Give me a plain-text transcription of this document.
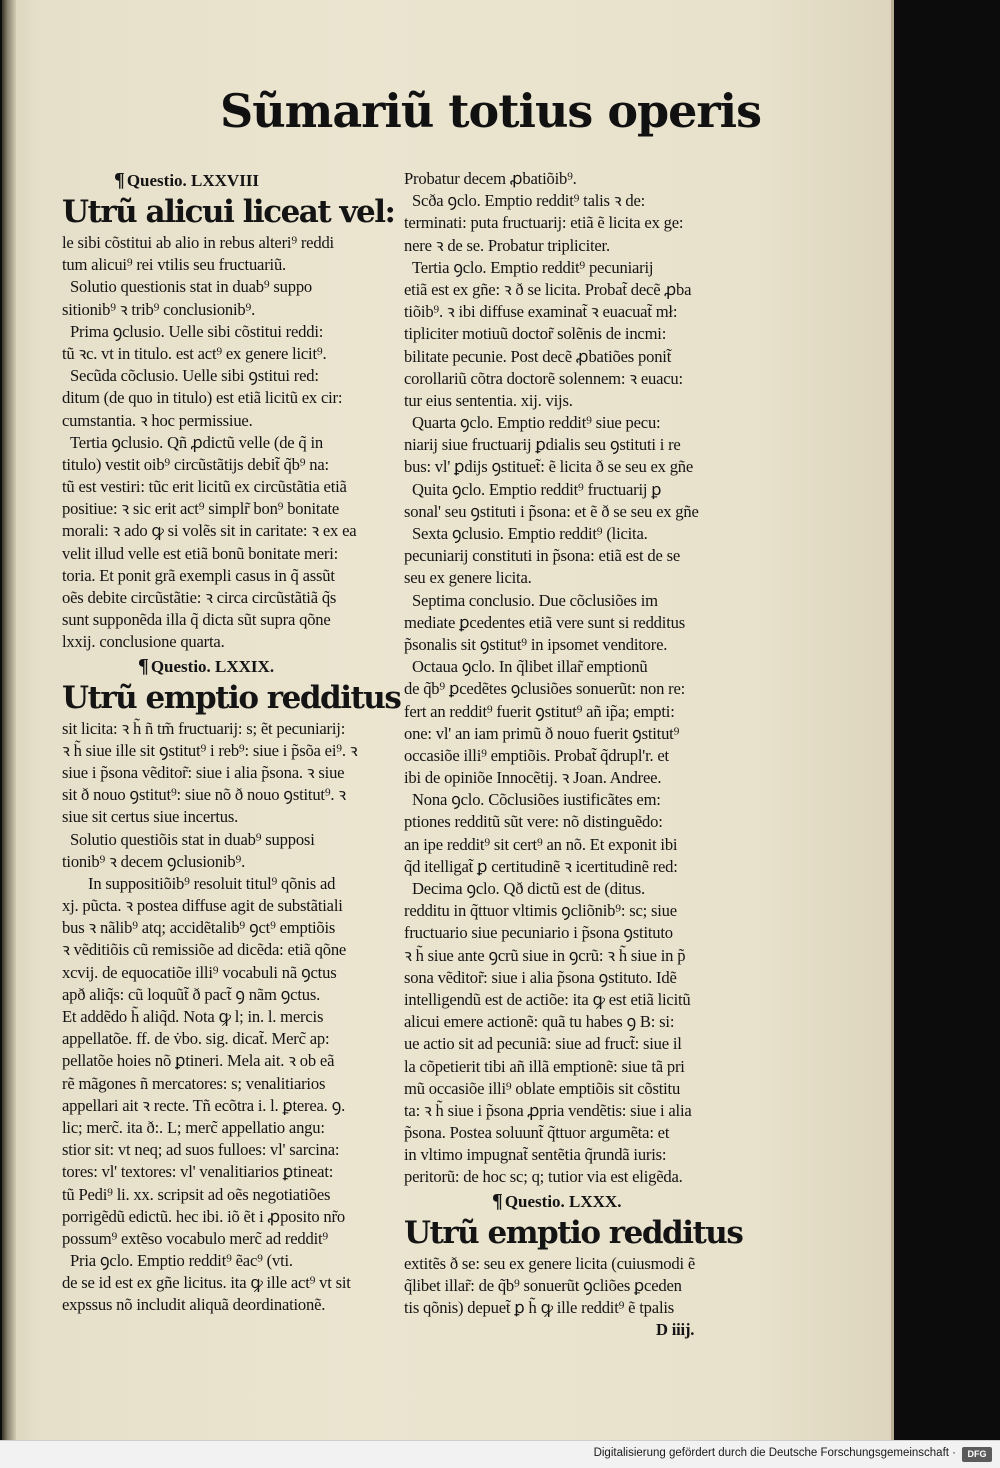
Sũmariũ totius operis
¶ Questio. LXXVIII
Utrũ alicui liceat vel:
le sibi cõstitui ab alio in rebus alteri⁹ reddi
tum alicui⁹ rei vtilis seu fructuariũ.
Solutio questionis stat in duab⁹ suppo
sitionib⁹ ꝛ trib⁹ conclusionib⁹.
Prima ꝯclusio. Uelle sibi cõstitui reddi:
tũ ꝛc. vt in titulo. est act⁹ ex genere licit⁹.
Secũda cõclusio. Uelle sibi ꝯstitui red:
ditum (de quo in titulo) est etiã licitũ ex cir:
cumstantia. ꝛ hoc permissiue.
Tertia ꝯclusio. Qñ ꝓdictũ velle (de q̃ in
titulo) vestit oib⁹ circũstãtijs debit̃ q̃b⁹ na:
tũ est vestiri: tũc erit licitũ ex circũstãtia etiã
positiue: ꝛ sic erit act⁹ simplr̃ bon⁹ bonitate
morali: ꝛ ado ꝙ si volẽs sit in caritate: ꝛ ex ea
velit illud velle est etiã bonũ bonitate meri:
toria. Et ponit grã exempli casus in q̃ assũt
oẽs debite circũstãtie: ꝛ circa circũstãtiã q̃s
sunt supponẽda illa q̃ dicta sũt supra qõne
lxxij. conclusione quarta.
¶ Questio. LXXIX.
Utrũ emptio redditus
sit licita: ꝛ h̃ ñ tm̃ fructuarij: s; ẽt pecuniarij:
ꝛ h̃ siue ille sit ꝯstitut⁹ i reb⁹: siue i p̃sõa ei⁹. ꝛ
siue i p̃sona vẽditor̃: siue i alia p̃sona. ꝛ siue
sit ð nouo ꝯstitut⁹: siue nõ ð nouo ꝯstitut⁹. ꝛ
siue sit certus siue incertus.
Solutio questiõis stat in duab⁹ supposi
tionib⁹ ꝛ decem ꝯclusionib⁹.
In suppositiõib⁹ resoluit titul⁹ qõnis ad
xj. pũcta. ꝛ postea diffuse agit de substãtiali
bus ꝛ nãlib⁹ atq; accidẽtalib⁹ ꝯct⁹ emptiõis
ꝛ vẽditiõis cũ remissiõe ad dicẽda: etiã qõne
xcvij. de equocatiõe illi⁹ vocabuli nã ꝯctus
apð aliq̃s: cũ loquũt̃ ð pact̃ ꝯ nãm ꝯctus.
Et addẽdo h̃ aliq̃d. Nota ꝙ l; in. l. mercis
appellatõe. ff. de v̇bo. sig. dicat̃. Merc̃ ap:
pellatõe hoies nõ ꝑtineri. Mela ait. ꝛ ob eã
rẽ mãgones ñ mercatores: s; venalitiarios
appellari ait ꝛ recte. Tñ ecõtra i. l. ꝑterea. ꝯ.
lic; merc̃. ita ð:. L; merc̃ appellatio angu:
stior sit: vt neq; ad suos fulloes: vl' sarcina:
tores: vl' textores: vl' venalitiarios ꝑtineat:
tũ Pedi⁹ li. xx. scripsit ad oẽs negotiatiões
porrigẽdũ edictũ. hec ibi. iõ ẽt i ꝓposito nr̃o
possum⁹ extẽso vocabulo merc̃ ad reddit⁹
Pria ꝯclo. Emptio reddit⁹ ẽac⁹ (vti.
de se id est ex gñe licitus. ita ꝙ ille act⁹ vt sit
expssus nõ includit aliquã deordinationẽ.
Probatur decem ꝓbatiõib⁹.
Scða ꝯclo. Emptio reddit⁹ talis ꝛ de:
terminati: puta fructuarij: etiã ẽ licita ex ge:
nere ꝛ de se. Probatur tripliciter.
Tertia ꝯclo. Emptio reddit⁹ pecuniarij
etiã est ex gñe: ꝛ ð se licita. Probat̃ decẽ ꝓba
tiõib⁹. ꝛ ibi diffuse examinat̃ ꝛ euacuat̃ mł:
tipliciter motiuũ doctor̃ solẽnis de incmi:
bilitate pecunie. Post decẽ ꝓbatiões ponit̃
corollariũ cõtra doctorẽ solennem: ꝛ euacu:
tur eius sententia. xij. vijs.
Quarta ꝯclo. Emptio reddit⁹ siue pecu:
niarij siue fructuarij ꝑdialis seu ꝯstituti i re
bus: vl' ꝑdijs ꝯstituet̃: ẽ licita ð se seu ex gñe
Quita ꝯclo. Emptio reddit⁹ fructuarij ꝑ
sonal' seu ꝯstituti i p̃sona: et ẽ ð se seu ex gñe
Sexta ꝯclusio. Emptio reddit⁹ (licita.
pecuniarij constituti in p̃sona: etiã est de se
seu ex genere licita.
Septima conclusio. Due cõclusiões im
mediate ꝑcedentes etiã vere sunt si redditus
p̃sonalis sit ꝯstitut⁹ in ipsomet venditore.
Octaua ꝯclo. In q̃libet illar̃ emptionũ
de q̃b⁹ ꝑcedẽtes ꝯclusiões sonuerũt: non re:
fert an reddit⁹ fuerit ꝯstitut⁹ añ ip̃a; empti:
one: vl' an iam primũ ð nouo fuerit ꝯstitut⁹
occasiõe illi⁹ emptiõis. Probat̃ q̃drupl'r. et
ibi de opiniõe Innocẽtij. ꝛ Joan. Andree.
Nona ꝯclo. Cõclusiões iustificãtes em:
ptiones redditũ sũt vere: nõ distinguẽdo:
an ipe reddit⁹ sit cert⁹ an nõ. Et exponit ibi
q̃d itelligat̃ ꝑ certitudinẽ ꝛ icertitudinẽ red:
Decima ꝯclo. Qð dictũ est de (ditus.
redditu in q̃ttuor vltimis ꝯcliõnib⁹: sc; siue
fructuario siue pecuniario i p̃sona ꝯstituto
ꝛ h̃ siue ante ꝯcrũ siue in ꝯcrũ: ꝛ h̃ siue in p̃
sona vẽditor̃: siue i alia p̃sona ꝯstituto. Idẽ
intelligendũ est de actiõe: ita ꝙ est etiã licitũ
alicui emere actionẽ: quã tu habes ꝯ B: si:
ue actio sit ad pecuniã: siue ad fruct̃: siue il
la cõpetierit tibi añ illã emptionẽ: siue tã pri
mũ occasiõe illi⁹ oblate emptiõis sit cõstitu
ta: ꝛ h̃ siue i p̃sona ꝓpria vendẽtis: siue i alia
p̃sona. Postea soluunt̃ q̃ttuor argumẽta: et
in vltimo impugnat̃ sentẽtia q̃rundã iuris:
peritorũ: de hoc sc; q; tutior via est eligẽda.
¶ Questio. LXXX.
Utrũ emptio redditus
extitẽs ð se: seu ex genere licita (cuiusmodi ẽ
q̃libet illar̃: de q̃b⁹ sonuerũt ꝯcliões ꝑceden
tis qõnis) depuet̃ ꝑ h̃ ꝙ ille reddit⁹ ẽ tpalis
D iiij.
Digitalisierung gefördert durch die Deutsche Forschungsgemeinschaft ·	DFG
